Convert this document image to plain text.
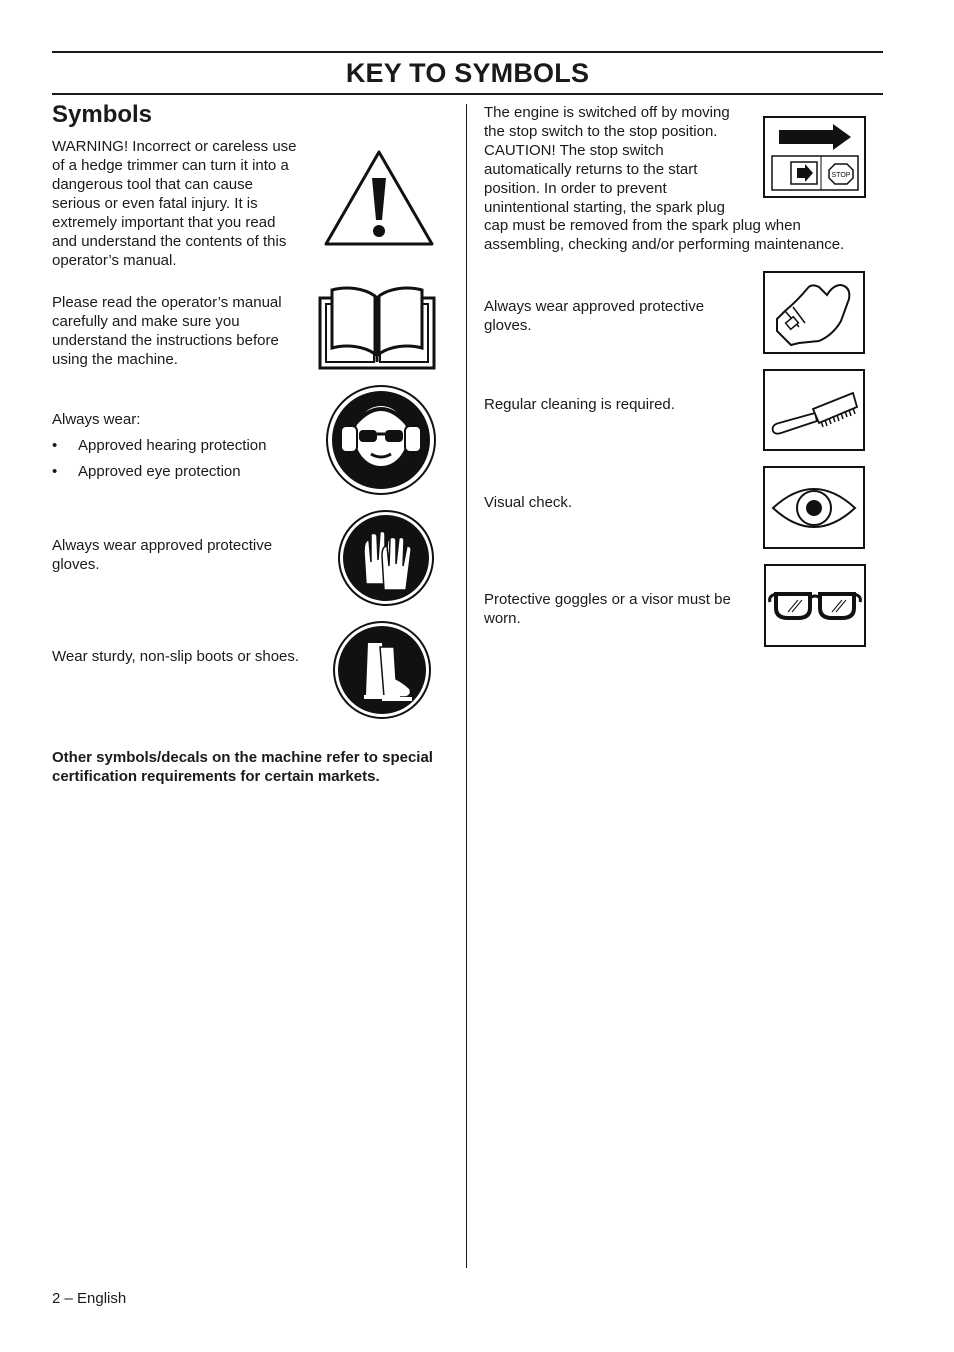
KEY TO SYMBOLS
Symbols

WARNING! Incorrect or careless use of a hedge trimmer can turn it into a dangerous tool that can cause serious or even fatal injury. It is extremely important that you read and understand the contents of this operator’s manual.

Please read the operator’s manual carefully and make sure you understand the instructions before using the machine.

Always wear:

• Approved hearing protection
• Approved eye protection

Always wear approved protective gloves.

Wear sturdy, non-slip boots or shoes.

Other symbols/decals on the machine refer to special certification requirements for certain markets.

The engine is switched off by moving the stop switch to the stop position. CAUTION! The stop switch automatically returns to the start position. In order to prevent unintentional starting, the spark plug

cap must be removed from the spark plug when assembling, checking and/or performing maintenance.

STOP

Always wear approved protective gloves.

Regular cleaning is required.

Visual check.

Protective goggles or a visor must be worn.

2 – English
